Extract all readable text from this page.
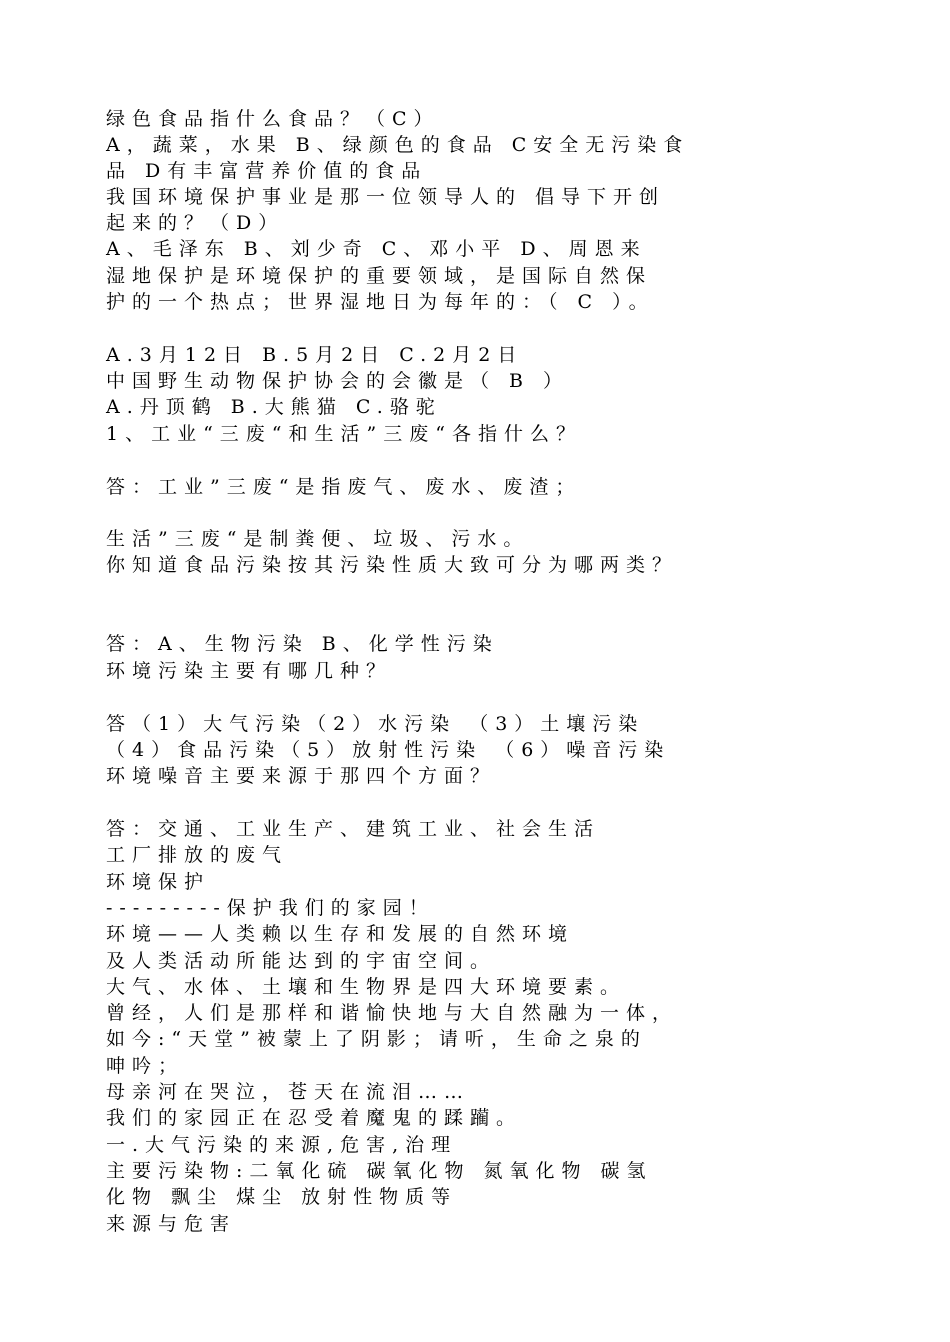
绿色食品指什么食品？（C）
A，蔬菜，水果 B、绿颜色的食品 C安全无污染食
品 D有丰富营养价值的食品
我国环境保护事业是那一位领导人的 倡导下开创
起来的？（D）
A、毛泽东 B、刘少奇 C、邓小平 D、周恩来
湿地保护是环境保护的重要领域，是国际自然保
护的一个热点；世界湿地日为每年的：（ C ）。
A.3月12日 B.5月2日 C.2月2日
中国野生动物保护协会的会徽是（ B ）
A.丹顶鹤 B.大熊猫 C.骆驼
1、工业“三废“和生活”三废“各指什么？
答：工业”三废“是指废气、废水、废渣；
生活”三废“是制粪便、垃圾、污水。
你知道食品污染按其污染性质大致可分为哪两类？
答：A、生物污染 B、化学性污染
环境污染主要有哪几种？
答（1）大气污染（2）水污染 （3）土壤污染
（4）食品污染（5）放射性污染 （6）噪音污染
环境噪音主要来源于那四个方面？
答：交通、工业生产、建筑工业、社会生活
工厂排放的废气
环境保护
---------保护我们的家园！
环境——人类赖以生存和发展的自然环境
及人类活动所能达到的宇宙空间。
大气、水体、土壤和生物界是四大环境要素。
曾经，人们是那样和谐愉快地与大自然融为一体，
如今:“天堂”被蒙上了阴影；请听，生命之泉的
呻吟；
母亲河在哭泣，苍天在流泪……
我们的家园正在忍受着魔鬼的蹂躏。
一.大气污染的来源,危害,治理
主要污染物:二氧化硫 碳氧化物 氮氧化物 碳氢
化物 飘尘 煤尘 放射性物质等
来源与危害
